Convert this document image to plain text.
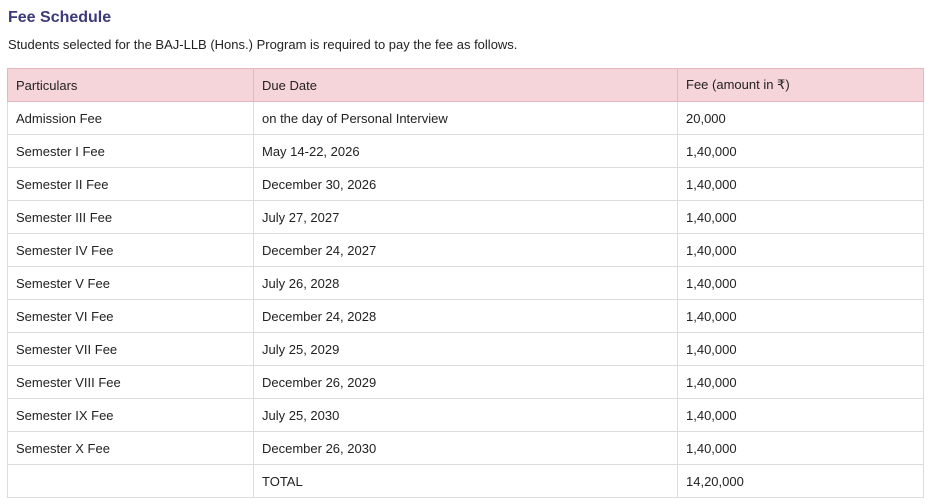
Fee Schedule

Students selected for the BAJ-LLB (Hons.) Program is required to pay the fee as follows.

Particulars	Due Date	Fee (amount in ₹)
Admission Fee	on the day of Personal Interview	20,000
Semester I Fee	May 14-22, 2026	1,40,000
Semester II Fee	December 30, 2026	1,40,000
Semester III Fee	July 27, 2027	1,40,000
Semester IV Fee	December 24, 2027	1,40,000
Semester V Fee	July 26, 2028	1,40,000
Semester VI Fee	December 24, 2028	1,40,000
Semester VII Fee	July 25, 2029	1,40,000
Semester VIII Fee	December 26, 2029	1,40,000
Semester IX Fee	July 25, 2030	1,40,000
Semester X Fee	December 26, 2030	1,40,000
	TOTAL	14,20,000
